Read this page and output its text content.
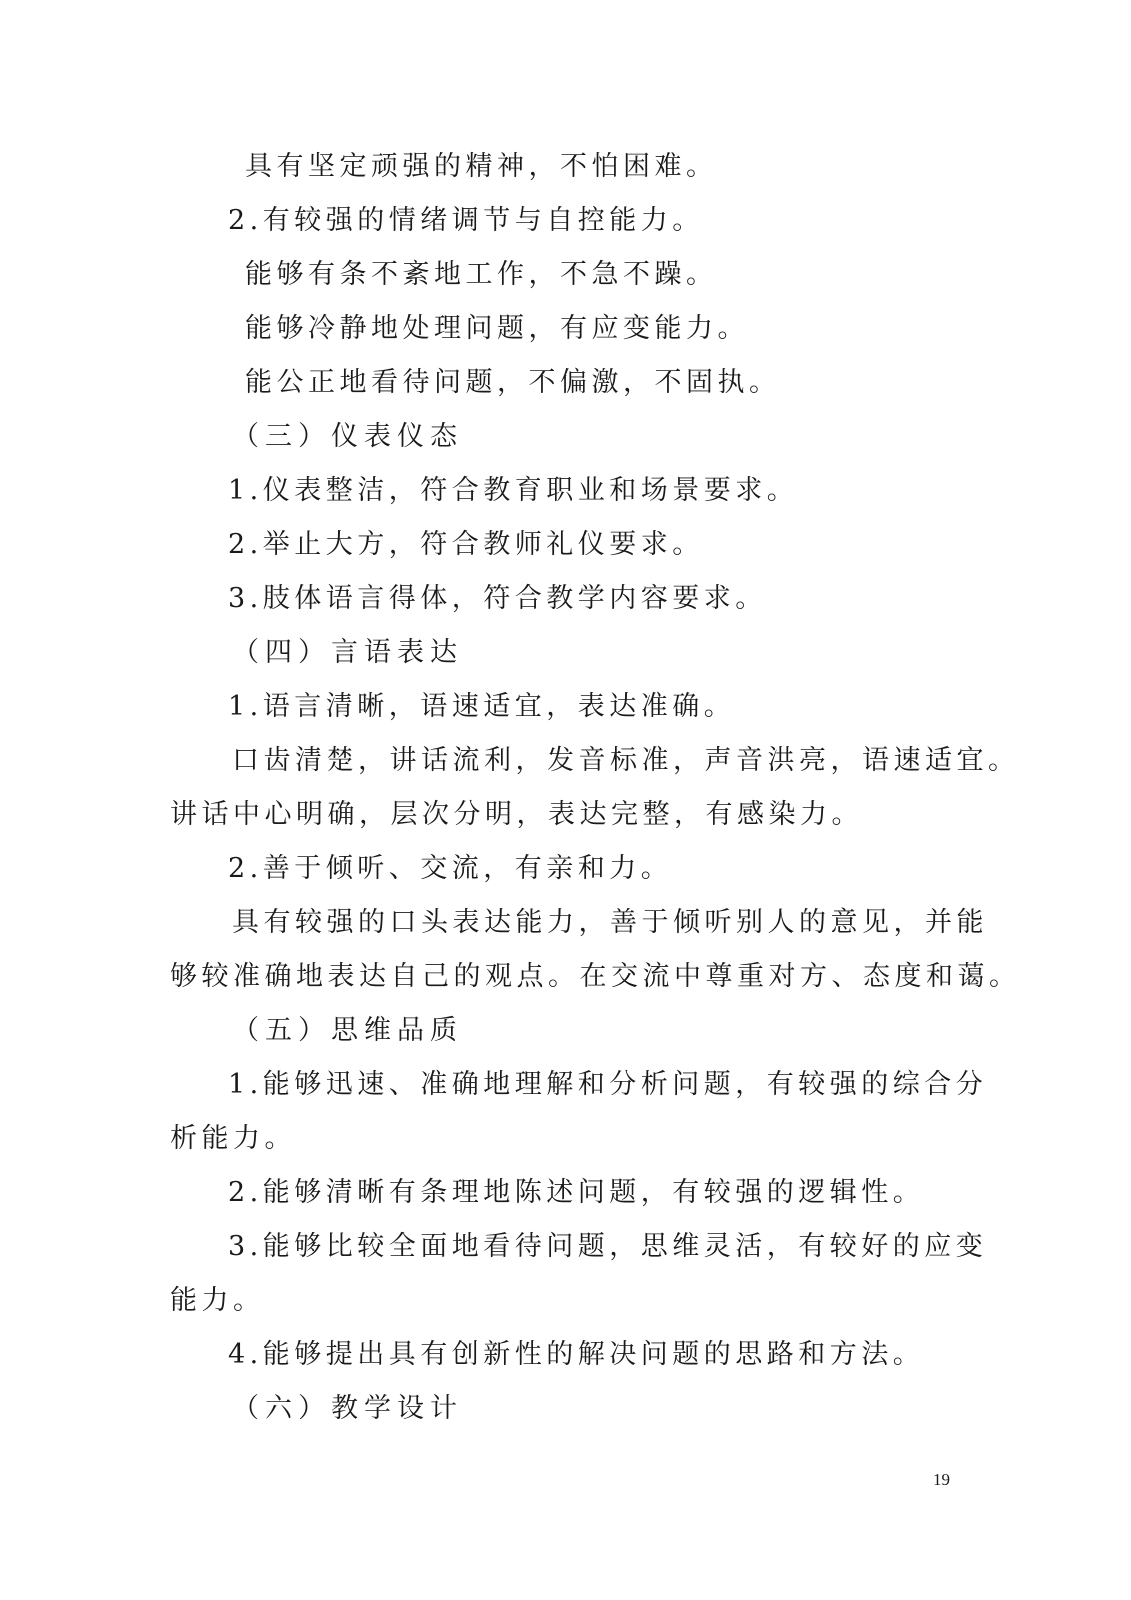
具有坚定顽强的精神，不怕困难。

2.有较强的情绪调节与自控能力。

能够有条不紊地工作，不急不躁。

能够冷静地处理问题，有应变能力。

能公正地看待问题，不偏激，不固执。

（三）仪表仪态

1.仪表整洁，符合教育职业和场景要求。

2.举止大方，符合教师礼仪要求。

3.肢体语言得体，符合教学内容要求。

（四）言语表达

1.语言清晰，语速适宜，表达准确。

口齿清楚，讲话流利，发音标准，声音洪亮，语速适宜。

讲话中心明确，层次分明，表达完整，有感染力。

2.善于倾听、交流，有亲和力。

具有较强的口头表达能力，善于倾听别人的意见，并能

够较准确地表达自己的观点。在交流中尊重对方、态度和蔼。

（五）思维品质

1.能够迅速、准确地理解和分析问题，有较强的综合分

析能力。

2.能够清晰有条理地陈述问题，有较强的逻辑性。

3.能够比较全面地看待问题，思维灵活，有较好的应变

能力。

4.能够提出具有创新性的解决问题的思路和方法。

（六）教学设计

19
